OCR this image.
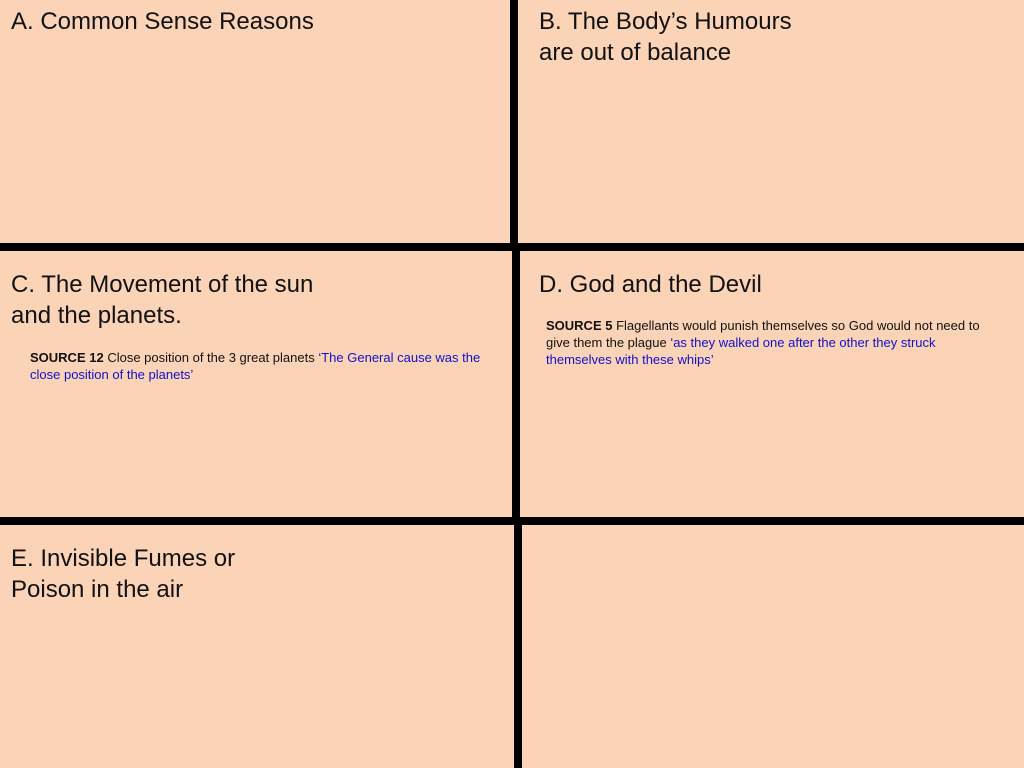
A. Common Sense Reasons	B. The Body’s Humours
are out of balance
C. The Movement of the sun
and the planets.
SOURCE 12 Close position of the 3 great planets ‘The General cause was the close position of the planets’
D. God and the Devil
SOURCE 5 Flagellants would punish themselves so God would not need to give them the plague ‘as they walked one after the other they struck themselves with these whips’
E. Invisible Fumes or
Poison in the air
